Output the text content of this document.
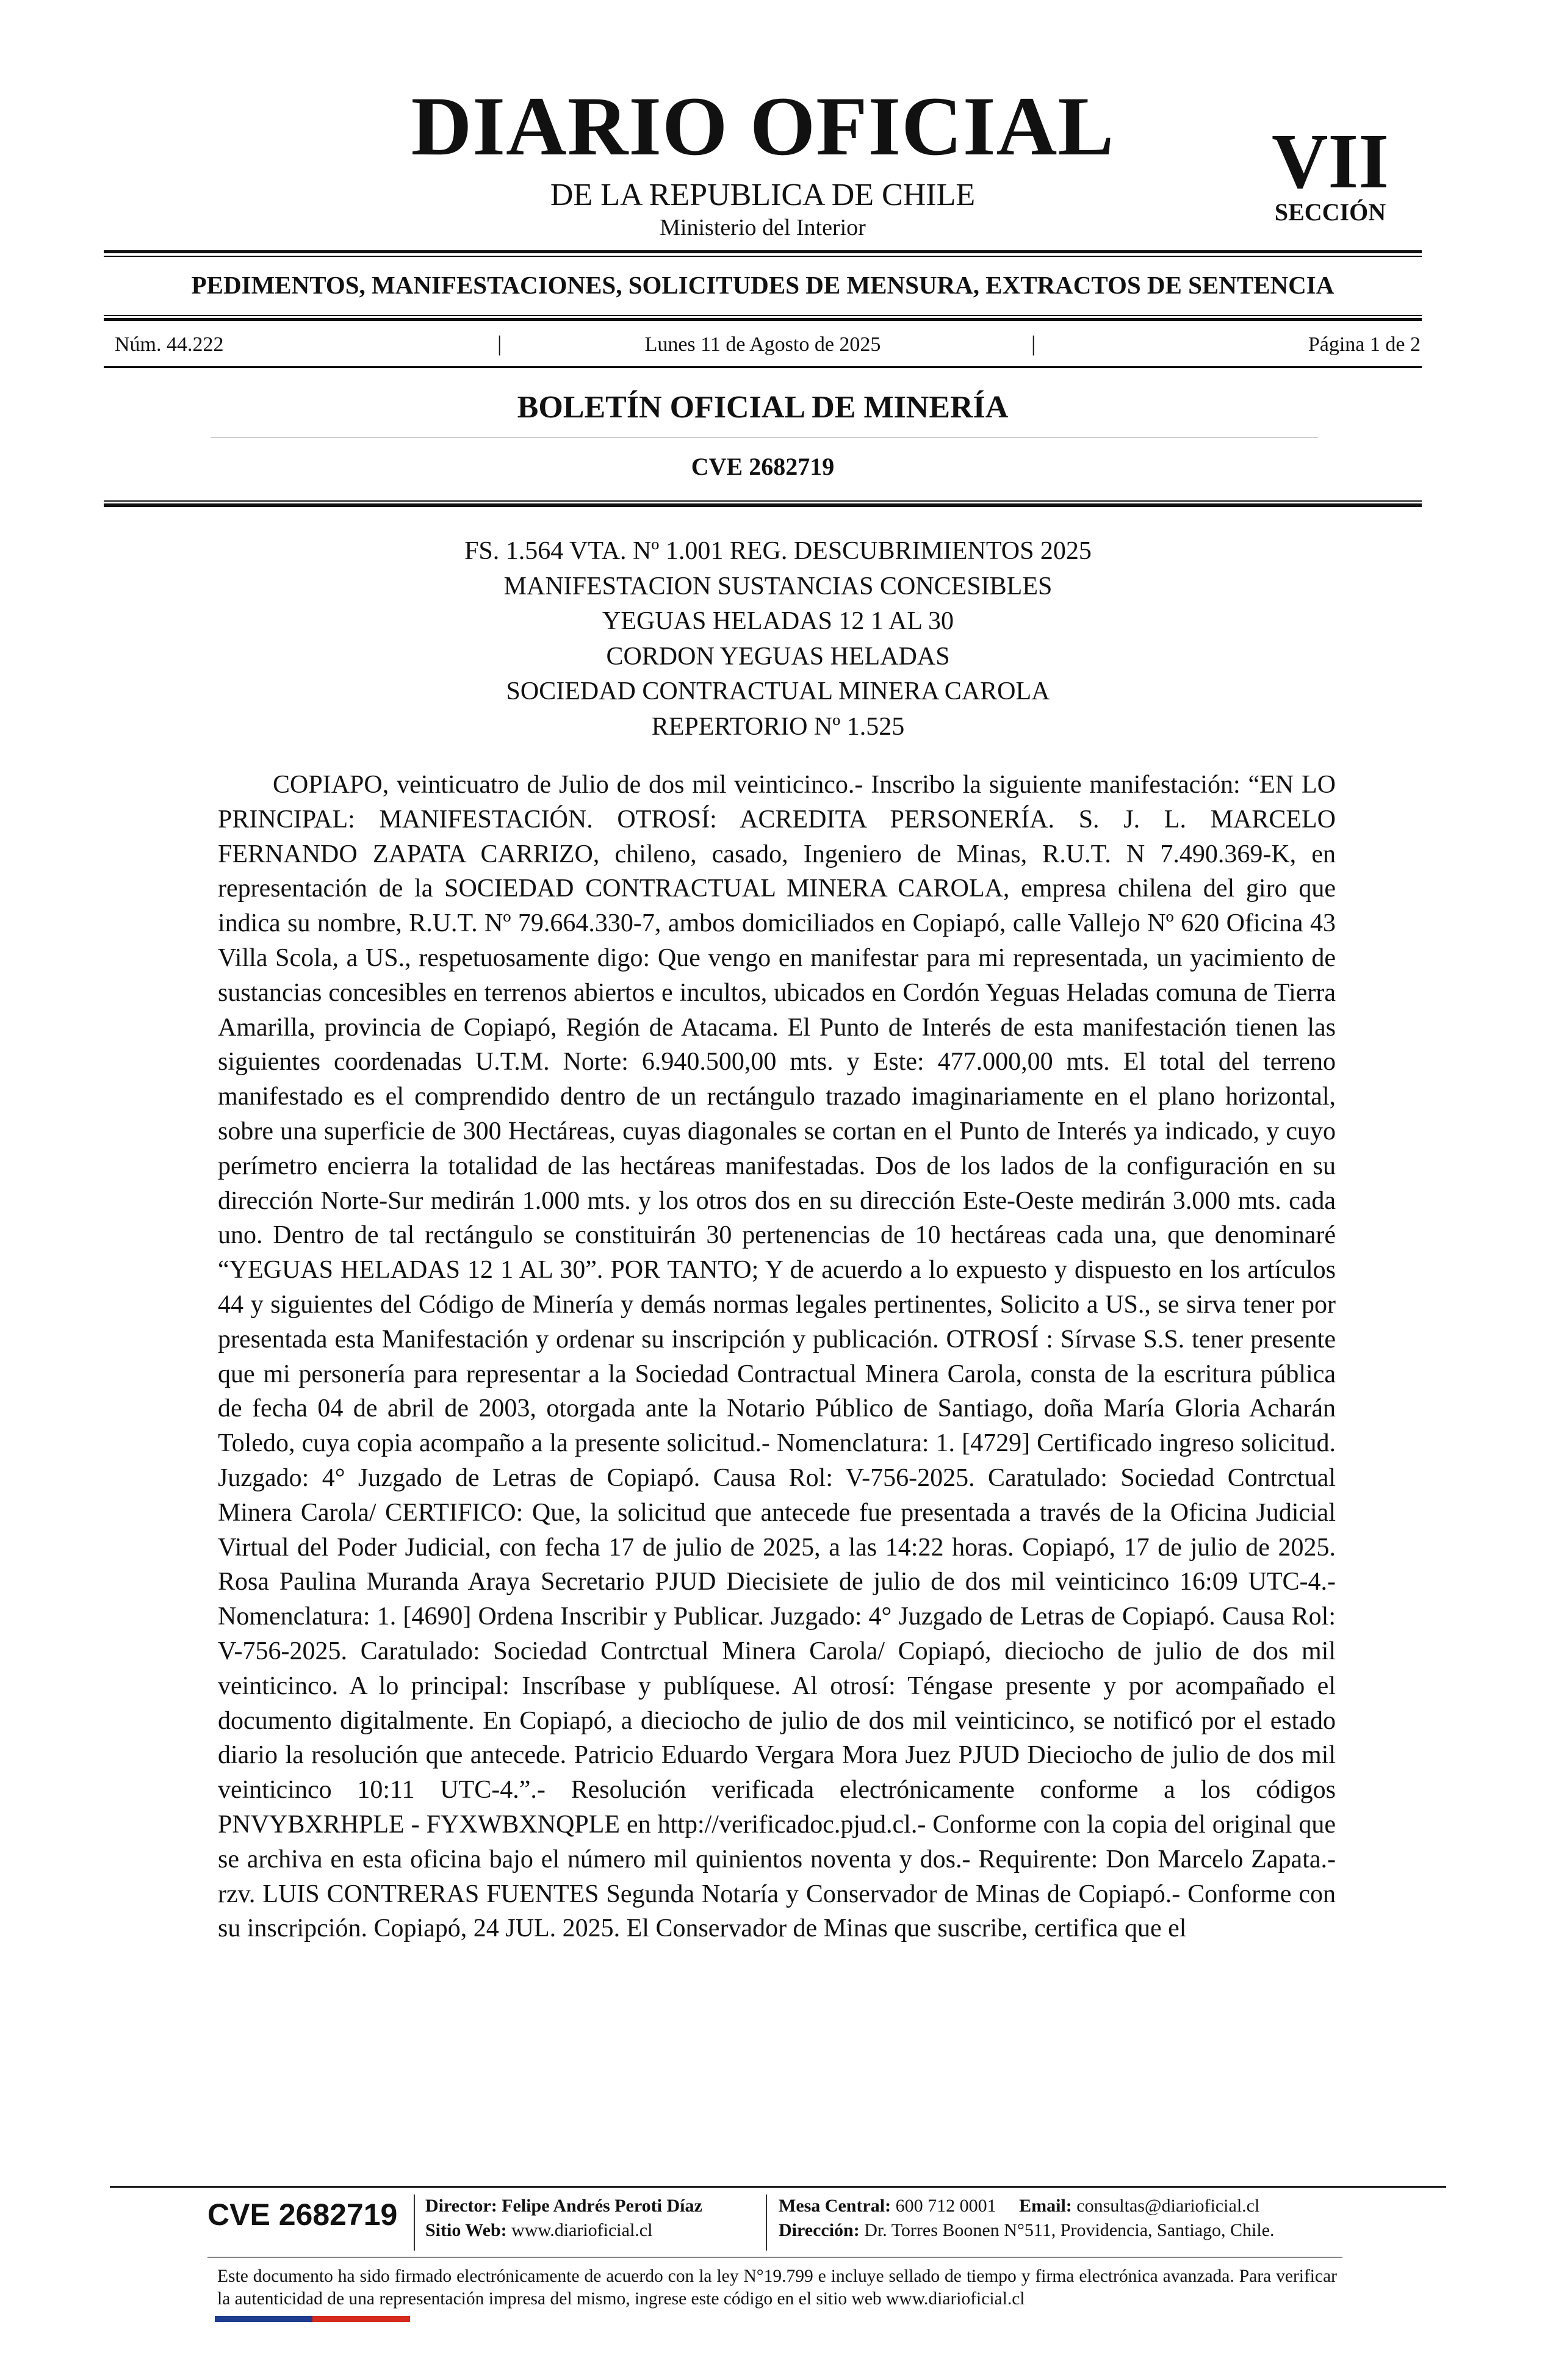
DIARIO OFICIAL
DE LA REPUBLICA DE CHILE
Ministerio del Interior
VII
SECCIÓN
PEDIMENTOS, MANIFESTACIONES, SOLICITUDES DE MENSURA, EXTRACTOS DE SENTENCIA
Núm. 44.222	|	Lunes 11 de Agosto de 2025	|	Página 1 de 2
BOLETÍN OFICIAL DE MINERÍA
CVE 2682719
FS. 1.564 VTA. Nº 1.001 REG. DESCUBRIMIENTOS 2025
MANIFESTACION SUSTANCIAS CONCESIBLES
YEGUAS HELADAS 12 1 AL 30
CORDON YEGUAS HELADAS
SOCIEDAD CONTRACTUAL MINERA CAROLA
REPERTORIO Nº 1.525

COPIAPO, veinticuatro de Julio de dos mil veinticinco.- Inscribo la siguiente manifestación: “EN LO PRINCIPAL: MANIFESTACIÓN. OTROSÍ: ACREDITA PERSONERÍA. S. J. L. MARCELO FERNANDO ZAPATA CARRIZO, chileno, casado, Ingeniero de Minas, R.U.T. N 7.490.369-K, en representación de la SOCIEDAD CONTRACTUAL MINERA CAROLA, empresa chilena del giro que indica su nombre, R.U.T. Nº 79.664.330-7, ambos domiciliados en Copiapó, calle Vallejo Nº 620 Oficina 43 Villa Scola, a US., respetuosamente digo: Que vengo en manifestar para mi representada, un yacimiento de sustancias concesibles en terrenos abiertos e incultos, ubicados en Cordón Yeguas Heladas comuna de Tierra Amarilla, provincia de Copiapó, Región de Atacama. El Punto de Interés de esta manifestación tienen las siguientes coordenadas U.T.M. Norte: 6.940.500,00 mts. y Este: 477.000,00 mts. El total del terreno manifestado es el comprendido dentro de un rectángulo trazado imaginariamente en el plano horizontal, sobre una superficie de 300 Hectáreas, cuyas diagonales se cortan en el Punto de Interés ya indicado, y cuyo perímetro encierra la totalidad de las hectáreas manifestadas. Dos de los lados de la configuración en su dirección Norte-Sur medirán 1.000 mts. y los otros dos en su dirección Este-Oeste medirán 3.000 mts. cada uno. Dentro de tal rectángulo se constituirán 30 pertenencias de 10 hectáreas cada una, que denominaré “YEGUAS HELADAS 12 1 AL 30”. POR TANTO; Y de acuerdo a lo expuesto y dispuesto en los artículos 44 y siguientes del Código de Minería y demás normas legales pertinentes, Solicito a US., se sirva tener por presentada esta Manifestación y ordenar su inscripción y publicación. OTROSÍ : Sírvase S.S. tener presente que mi personería para representar a la Sociedad Contractual Minera Carola, consta de la escritura pública de fecha 04 de abril de 2003, otorgada ante la Notario Público de Santiago, doña María Gloria Acharán Toledo, cuya copia acompaño a la presente solicitud.- Nomenclatura: 1. [4729] Certificado ingreso solicitud. Juzgado: 4° Juzgado de Letras de Copiapó. Causa Rol: V-756-2025. Caratulado: Sociedad Contrctual Minera Carola/ CERTIFICO: Que, la solicitud que antecede fue presentada a través de la Oficina Judicial Virtual del Poder Judicial, con fecha 17 de julio de 2025, a las 14:22 horas. Copiapó, 17 de julio de 2025. Rosa Paulina Muranda Araya Secretario PJUD Diecisiete de julio de dos mil veinticinco 16:09 UTC-4.- Nomenclatura: 1. [4690] Ordena Inscribir y Publicar. Juzgado: 4° Juzgado de Letras de Copiapó. Causa Rol: V-756-2025. Caratulado: Sociedad Contrctual Minera Carola/ Copiapó, dieciocho de julio de dos mil veinticinco. A lo principal: Inscríbase y publíquese. Al otrosí: Téngase presente y por acompañado el documento digitalmente. En Copiapó, a dieciocho de julio de dos mil veinticinco, se notificó por el estado diario la resolución que antecede. Patricio Eduardo Vergara Mora Juez PJUD Dieciocho de julio de dos mil veinticinco 10:11 UTC-4.”.- Resolución verificada electrónicamente conforme a los códigos PNVYBXRHPLE - FYXWBXNQPLE en http://verificadoc.pjud.cl.- Conforme con la copia del original que se archiva en esta oficina bajo el número mil quinientos noventa y dos.- Requirente: Don Marcelo Zapata.- rzv. LUIS CONTRERAS FUENTES Segunda Notaría y Conservador de Minas de Copiapó.- Conforme con su inscripción. Copiapó, 24 JUL. 2025. El Conservador de Minas que suscribe, certifica que el

CVE 2682719 Director: Felipe Andrés Peroti Díaz
Sitio Web: www.diarioficial.cl
Mesa Central: 600 712 0001 Email: consultas@diarioficial.cl
Dirección: Dr. Torres Boonen N°511, Providencia, Santiago, Chile.
Este documento ha sido firmado electrónicamente de acuerdo con la ley N°19.799 e incluye sellado de tiempo y firma electrónica avanzada. Para verificar la autenticidad de una representación impresa del mismo, ingrese este código en el sitio web www.diarioficial.cl
